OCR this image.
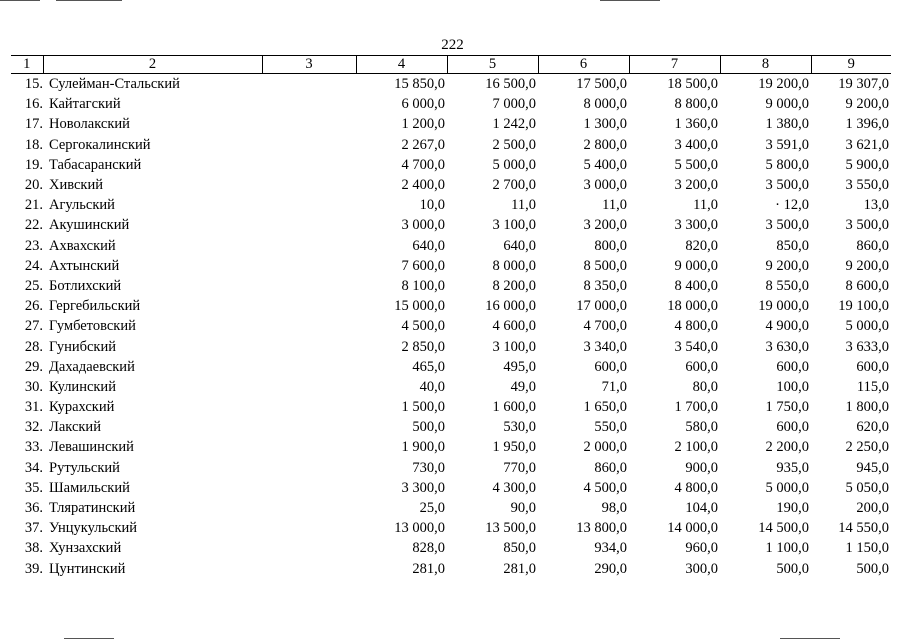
222
1	2	3	4	5	6	7	8	9
15.	Сулейман-Стальский		15 850,0	16 500,0	17 500,0	18 500,0	19 200,0	19 307,0
16.	Кайтагский		6 000,0	7 000,0	8 000,0	8 800,0	9 000,0	9 200,0
17.	Новолакский		1 200,0	1 242,0	1 300,0	1 360,0	1 380,0	1 396,0
18.	Сергокалинский		2 267,0	2 500,0	2 800,0	3 400,0	3 591,0	3 621,0
19.	Табасаранский		4 700,0	5 000,0	5 400,0	5 500,0	5 800,0	5 900,0
20.	Хивский		2 400,0	2 700,0	3 000,0	3 200,0	3 500,0	3 550,0
21.	Агульский		10,0	11,0	11,0	11,0	· 12,0	13,0
22.	Акушинский		3 000,0	3 100,0	3 200,0	3 300,0	3 500,0	3 500,0
23.	Ахвахский		640,0	640,0	800,0	820,0	850,0	860,0
24.	Ахтынский		7 600,0	8 000,0	8 500,0	9 000,0	9 200,0	9 200,0
25.	Ботлихский		8 100,0	8 200,0	8 350,0	8 400,0	8 550,0	8 600,0
26.	Гергебильский		15 000,0	16 000,0	17 000,0	18 000,0	19 000,0	19 100,0
27.	Гумбетовский		4 500,0	4 600,0	4 700,0	4 800,0	4 900,0	5 000,0
28.	Гунибский		2 850,0	3 100,0	3 340,0	3 540,0	3 630,0	3 633,0
29.	Дахадаевский		465,0	495,0	600,0	600,0	600,0	600,0
30.	Кулинский		40,0	49,0	71,0	80,0	100,0	115,0
31.	Курахский		1 500,0	1 600,0	1 650,0	1 700,0	1 750,0	1 800,0
32.	Лакский		500,0	530,0	550,0	580,0	600,0	620,0
33.	Левашинский		1 900,0	1 950,0	2 000,0	2 100,0	2 200,0	2 250,0
34.	Рутульский		730,0	770,0	860,0	900,0	935,0	945,0
35.	Шамильский		3 300,0	4 300,0	4 500,0	4 800,0	5 000,0	5 050,0
36.	Тляратинский		25,0	90,0	98,0	104,0	190,0	200,0
37.	Унцукульский		13 000,0	13 500,0	13 800,0	14 000,0	14 500,0	14 550,0
38.	Хунзахский		828,0	850,0	934,0	960,0	1 100,0	1 150,0
39.	Цунтинский		281,0	281,0	290,0	300,0	500,0	500,0
